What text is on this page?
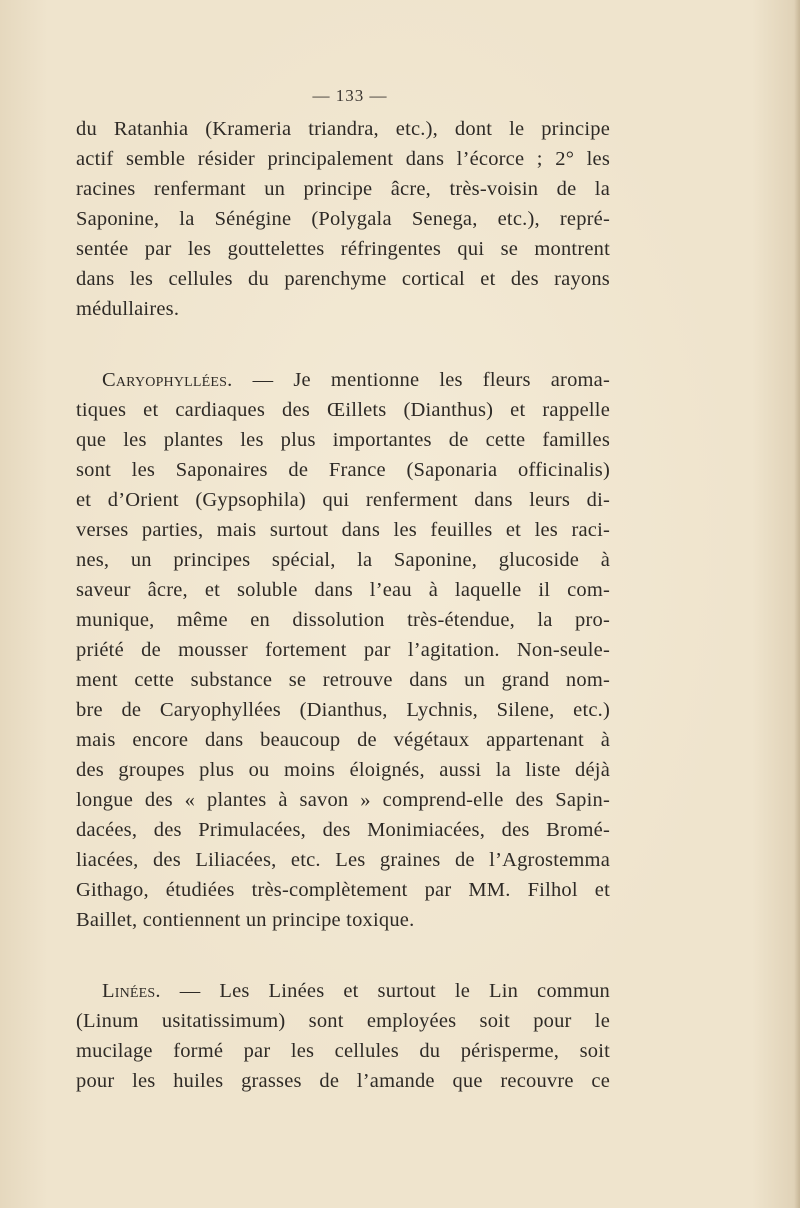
— 133 —
du Ratanhia (Krameria triandra, etc.), dont le principe
actif semble résider principalement dans l’écorce ; 2° les
racines renfermant un principe âcre, très-voisin de la
Saponine, la Sénégine (Polygala Senega, etc.), repré-
sentée par les gouttelettes réfringentes qui se montrent
dans les cellules du parenchyme cortical et des rayons
médullaires.
Caryophyllées. — Je mentionne les fleurs aroma-
tiques et cardiaques des Œillets (Dianthus) et rappelle
que les plantes les plus importantes de cette familles
sont les Saponaires de France (Saponaria officinalis)
et d’Orient (Gypsophila) qui renferment dans leurs di-
verses parties, mais surtout dans les feuilles et les raci-
nes, un principes spécial, la Saponine, glucoside à
saveur âcre, et soluble dans l’eau à laquelle il com-
munique, même en dissolution très-étendue, la pro-
priété de mousser fortement par l’agitation. Non-seule-
ment cette substance se retrouve dans un grand nom-
bre de Caryophyllées (Dianthus, Lychnis, Silene, etc.)
mais encore dans beaucoup de végétaux appartenant à
des groupes plus ou moins éloignés, aussi la liste déjà
longue des « plantes à savon » comprend-elle des Sapin-
dacées, des Primulacées, des Monimiacées, des Bromé-
liacées, des Liliacées, etc. Les graines de l’Agrostemma
Githago, étudiées très-complètement par MM. Filhol et
Baillet, contiennent un principe toxique.
Linées. — Les Linées et surtout le Lin commun
(Linum usitatissimum) sont employées soit pour le
mucilage formé par les cellules du périsperme, soit
pour les huiles grasses de l’amande que recouvre ce
